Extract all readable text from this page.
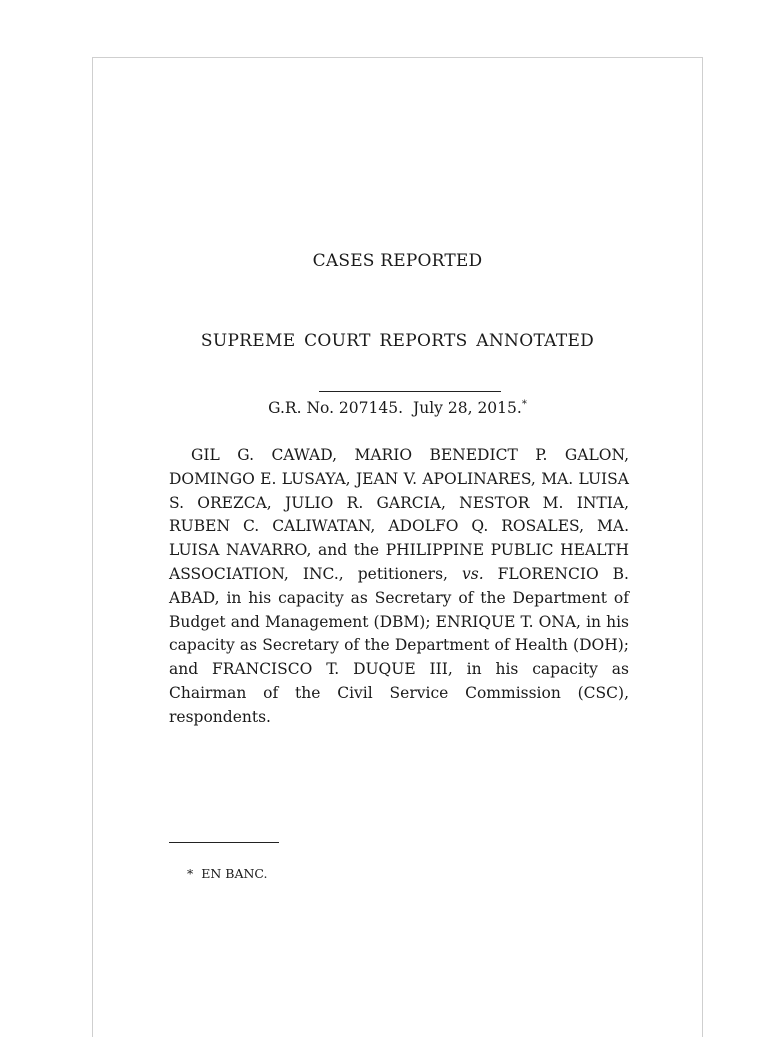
CASES REPORTED
SUPREME COURT REPORTS ANNOTATED
G.R. No. 207145. July 28, 2015.*
GIL G. CAWAD, MARIO BENEDICT P. GALON, DOMINGO E. LUSAYA, JEAN V. APOLINARES, MA. LUISA S. OREZCA, JULIO R. GARCIA, NESTOR M. INTIA, RUBEN C. CALIWATAN, ADOLFO Q. ROSALES, MA. LUISA NAVARRO, and the PHILIPPINE PUBLIC HEALTH ASSOCIATION, INC., petitioners, vs. FLORENCIO B. ABAD, in his capacity as Secretary of the Department of Budget and Management (DBM); ENRIQUE T. ONA, in his capacity as Secretary of the Department of Health (DOH); and FRANCISCO T. DUQUE III, in his capacity as Chairman of the Civil Service Commission (CSC), respondents.
* EN BANC.
